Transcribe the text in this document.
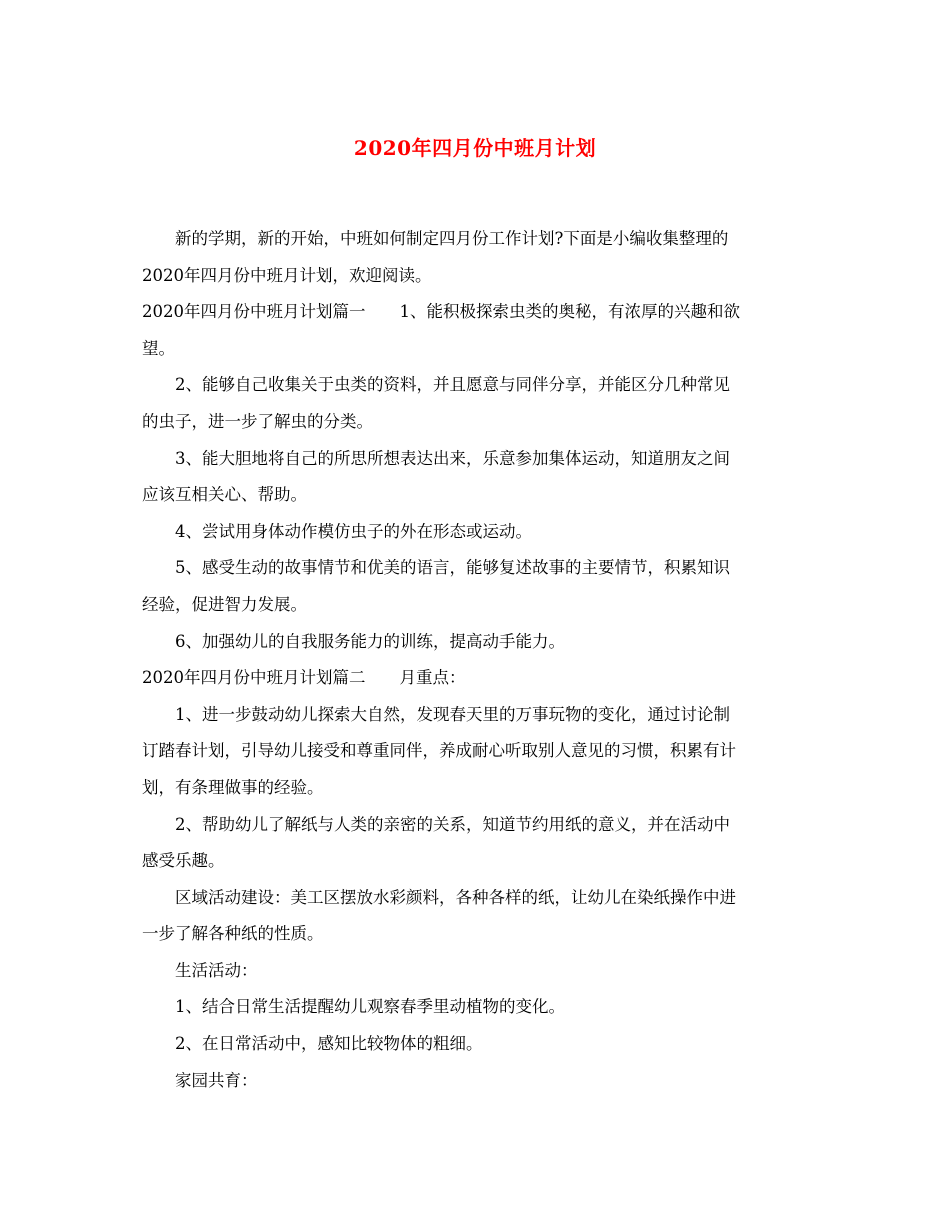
2020年四月份中班月计划
新的学期，新的开始，中班如何制定四月份工作计划?下面是小编收集整理的
2020年四月份中班月计划，欢迎阅读。
2020年四月份中班月计划篇一 1、能积极探索虫类的奥秘，有浓厚的兴趣和欲
望。
2、能够自己收集关于虫类的资料，并且愿意与同伴分享，并能区分几种常见
的虫子，进一步了解虫的分类。
3、能大胆地将自己的所思所想表达出来，乐意参加集体运动，知道朋友之间
应该互相关心、帮助。
4、尝试用身体动作模仿虫子的外在形态或运动。
5、感受生动的故事情节和优美的语言，能够复述故事的主要情节，积累知识
经验，促进智力发展。
6、加强幼儿的自我服务能力的训练，提高动手能力。
2020年四月份中班月计划篇二 月重点：
1、进一步鼓动幼儿探索大自然，发现春天里的万事玩物的变化，通过讨论制
订踏春计划，引导幼儿接受和尊重同伴，养成耐心听取别人意见的习惯，积累有计
划，有条理做事的经验。
2、帮助幼儿了解纸与人类的亲密的关系，知道节约用纸的意义，并在活动中
感受乐趣。
区域活动建设：美工区摆放水彩颜料，各种各样的纸，让幼儿在染纸操作中进
一步了解各种纸的性质。
生活活动：
1、结合日常生活提醒幼儿观察春季里动植物的变化。
2、在日常活动中，感知比较物体的粗细。
家园共育：
